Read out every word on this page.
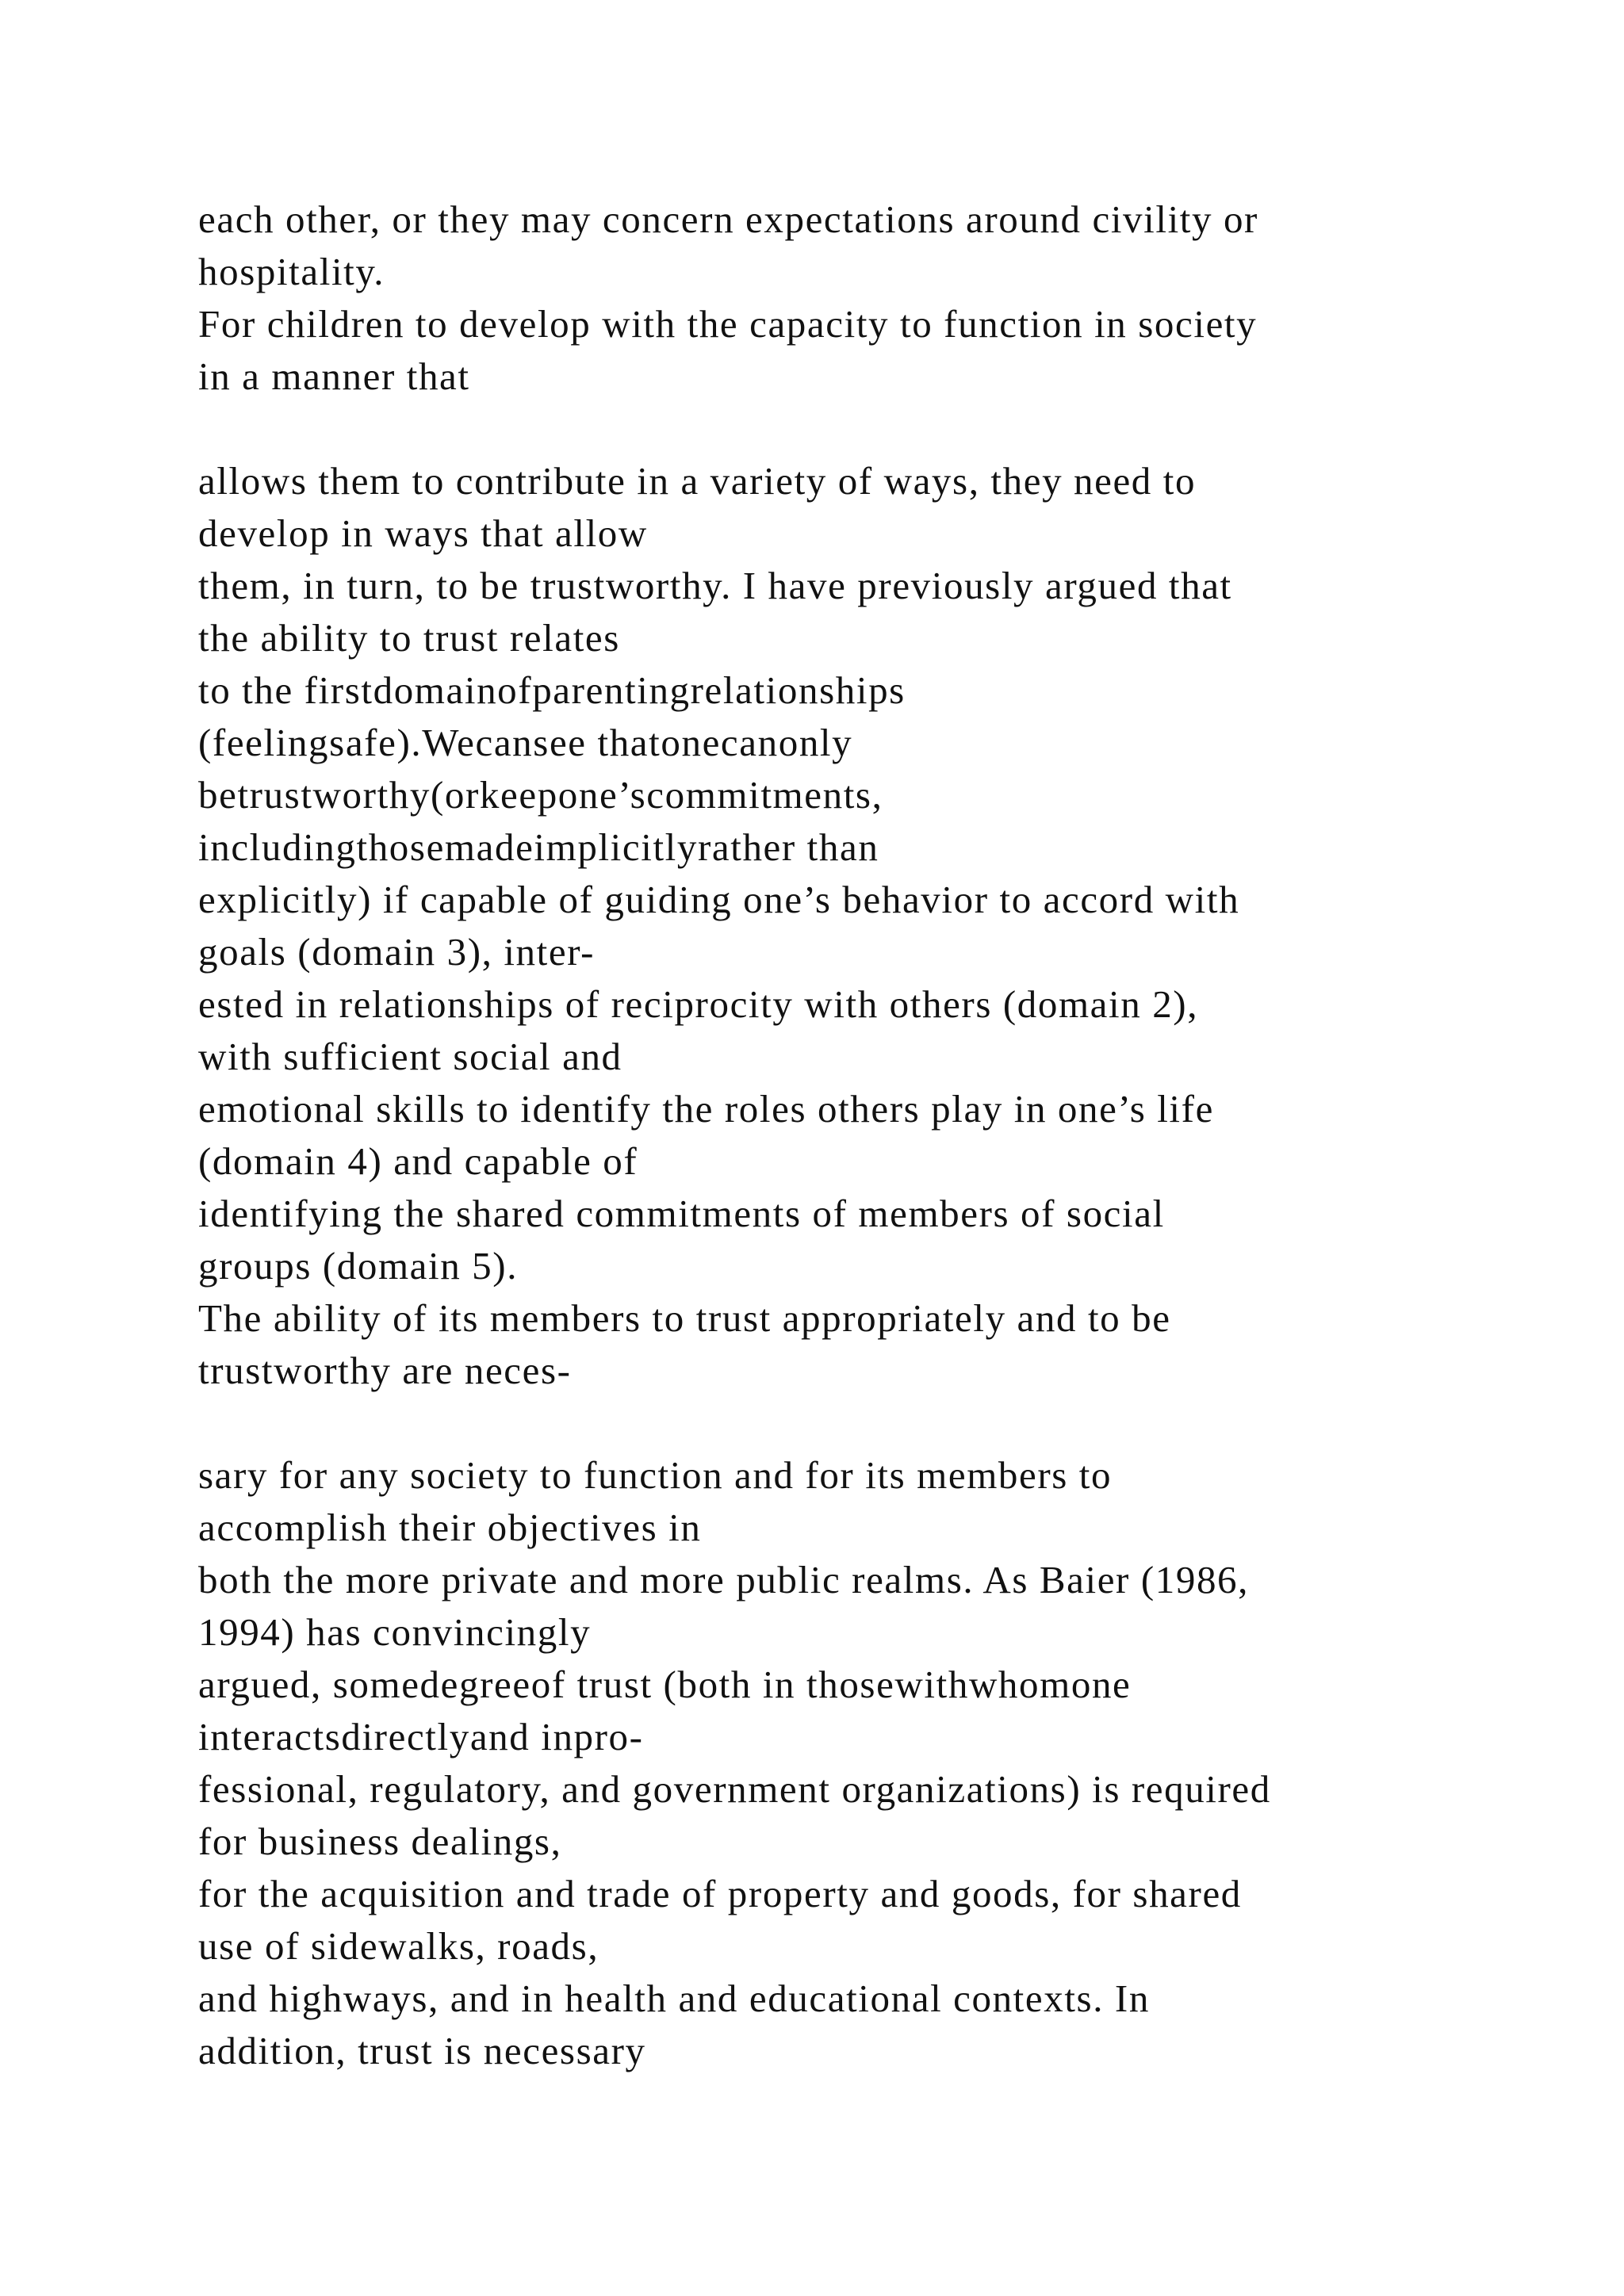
each other, or they may concern expectations around civility or
hospitality.
For children to develop with the capacity to function in society
in a manner that
allows them to contribute in a variety of ways, they need to
develop in ways that allow
them, in turn, to be trustworthy. I have previously argued that
the ability to trust relates
to the firstdomainofparentingrelationships
(feelingsafe).Wecansee thatonecanonly
betrustworthy(orkeepone’scommitments,
includingthosemadeimplicitlyrather than
explicitly) if capable of guiding one’s behavior to accord with
goals (domain 3), inter-
ested in relationships of reciprocity with others (domain 2),
with sufficient social and
emotional skills to identify the roles others play in one’s life
(domain 4) and capable of
identifying the shared commitments of members of social
groups (domain 5).
The ability of its members to trust appropriately and to be
trustworthy are neces-
sary for any society to function and for its members to
accomplish their objectives in
both the more private and more public realms. As Baier (1986,
1994) has convincingly
argued, somedegreeof trust (both in thosewithwhomone
interactsdirectlyand inpro-
fessional, regulatory, and government organizations) is required
for business dealings,
for the acquisition and trade of property and goods, for shared
use of sidewalks, roads,
and highways, and in health and educational contexts. In
addition, trust is necessary
